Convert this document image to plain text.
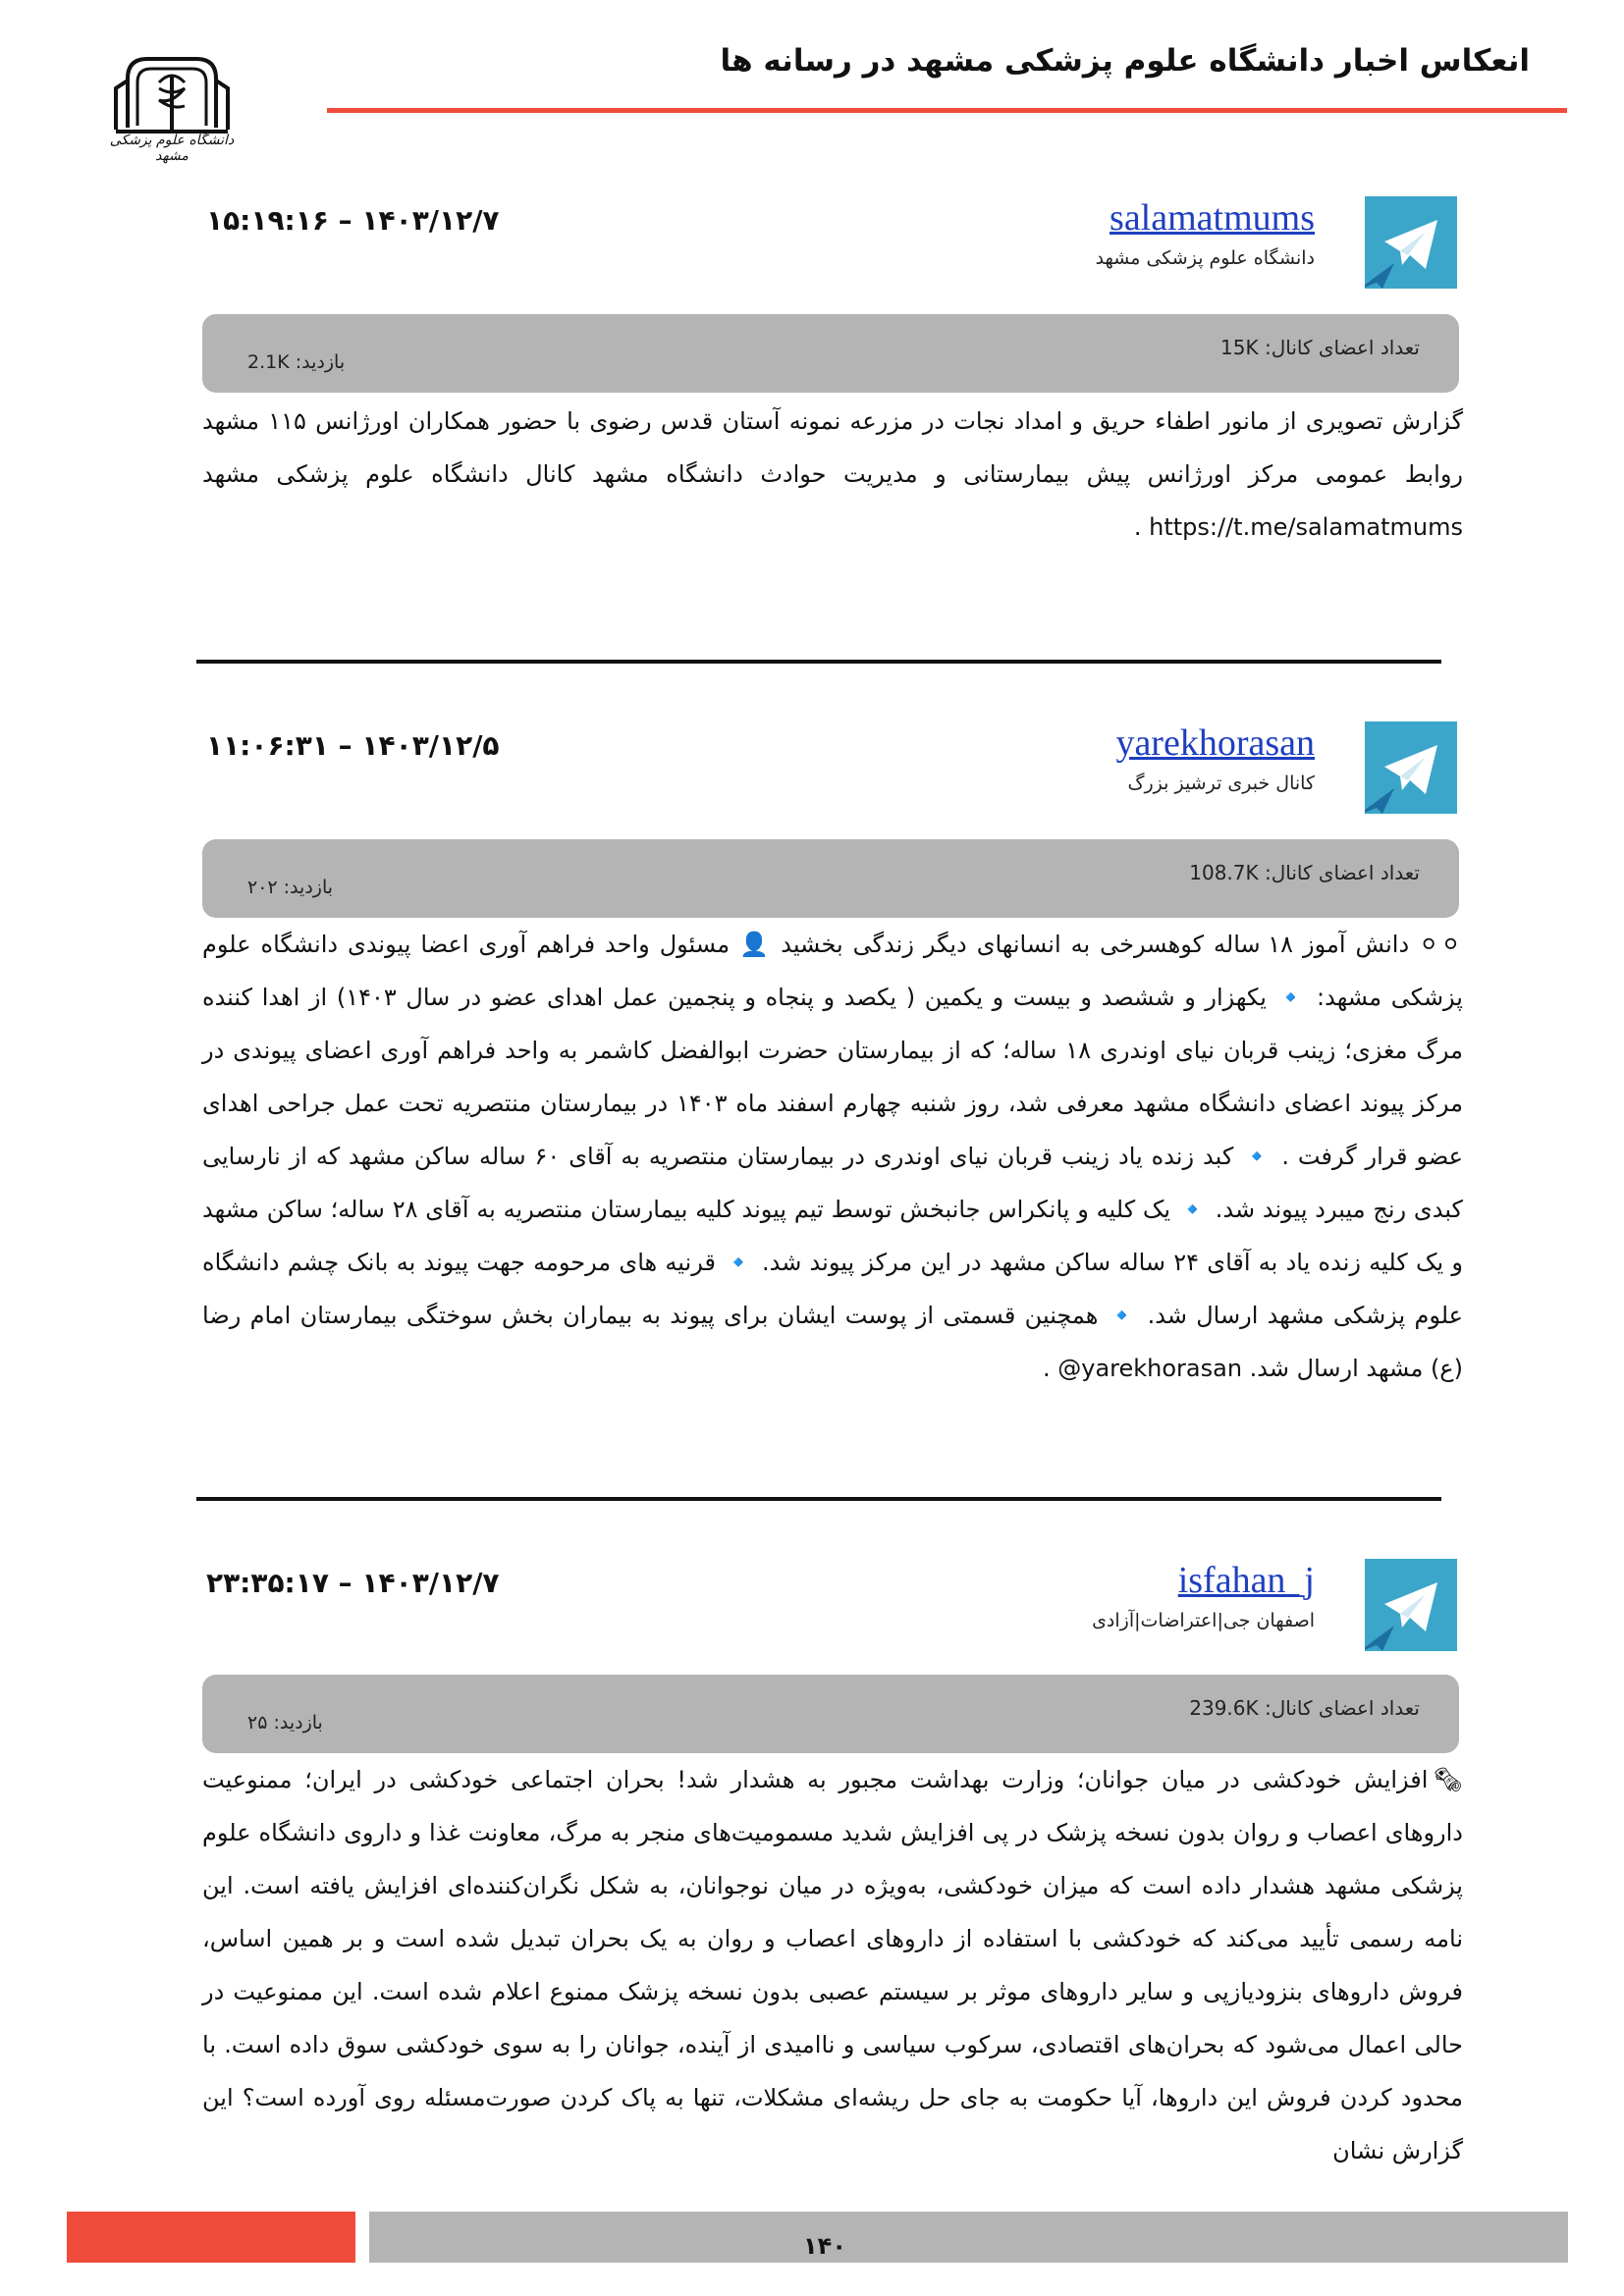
دانشگاه علوم پزشکی مشهد
انعکاس اخبار دانشگاه علوم پزشکی مشهد در رسانه ها
salamatmums
دانشگاه علوم پزشکی مشهد
۱۵:۱۹:۱۶ – ۱۴۰۳/۱۲/۷
تعداد اعضای کانال: 15K
بازدید: 2.1K
گزارش تصویری از مانور اطفاء حریق و امداد نجات در مزرعه نمونه آستان قدس رضوی با حضور همکاران اورژانس ۱۱۵ مشهد روابط عمومی مرکز اورژانس پیش بیمارستانی و مدیریت حوادث دانشگاه مشهد کانال دانشگاه علوم پزشکی مشهد https://t.me/salamatmums .
yarekhorasan
کانال خبری ترشیز بزرگ
۱۱:۰۶:۳۱ – ۱۴۰۳/۱۲/۵
تعداد اعضای کانال: 108.7K
بازدید: ۲۰۲
⚪⚪ دانش آموز ۱۸ ساله کوهسرخی به انسانهای دیگر زندگی بخشید 👤 مسئول واحد فراهم آوری اعضا پیوندی دانشگاه علوم پزشکی مشهد: 🔹 یکهزار و ششصد و بیست و یکمین ( یکصد و پنجاه و پنجمین عمل اهدای عضو در سال ۱۴۰۳) از اهدا کننده مرگ مغزی؛ زینب قربان نیای اوندری ۱۸ ساله؛ که از بیمارستان حضرت ابوالفضل کاشمر به واحد فراهم آوری اعضای پیوندی در مرکز پیوند اعضای دانشگاه مشهد معرفی شد، روز شنبه چهارم اسفند ماه ۱۴۰۳ در بیمارستان منتصریه تحت عمل جراحی اهدای عضو قرار گرفت . 🔹 کبد زنده یاد زینب قربان نیای اوندری در بیمارستان منتصریه به آقای ۶۰ ساله ساکن مشهد که از نارسایی کبدی رنج میبرد پیوند شد. 🔹 یک کلیه و پانکراس جانبخش توسط تیم پیوند کلیه بیمارستان منتصریه به آقای ۲۸ ساله؛ ساکن مشهد و یک کلیه زنده یاد به آقای ۲۴ ساله ساکن مشهد در این مرکز پیوند شد. 🔹 قرنیه های مرحومه جهت پیوند به بانک چشم دانشگاه علوم پزشکی مشهد ارسال شد. 🔹 همچنین قسمتی از پوست ایشان برای پیوند به بیماران بخش سوختگی بیمارستان امام رضا (ع) مشهد ارسال شد. yarekhorasan@ .
isfahan_j
اصفهان جی|اعتراضات|آزادی
۲۳:۳۵:۱۷ – ۱۴۰۳/۱۲/۷
تعداد اعضای کانال: 239.6K
بازدید: ۲۵
🗞افزایش خودکشی در میان جوانان؛ وزارت بهداشت مجبور به هشدار شد! بحران اجتماعی خودکشی در ایران؛ ممنوعیت داروهای اعصاب و روان بدون نسخه پزشک در پی افزایش شدید مسمومیت‌های منجر به مرگ، معاونت غذا و داروی دانشگاه علوم پزشکی مشهد هشدار داده است که میزان خودکشی، به‌ویژه در میان نوجوانان، به شکل نگران‌کننده‌ای افزایش یافته است. این نامه رسمی تأیید می‌کند که خودکشی با استفاده از داروهای اعصاب و روان به یک بحران تبدیل شده است و بر همین اساس، فروش داروهای بنزودیازپی و سایر داروهای موثر بر سیستم عصبی بدون نسخه پزشک ممنوع اعلام شده است. این ممنوعیت در حالی اعمال می‌شود که بحران‌های اقتصادی، سرکوب سیاسی و ناامیدی از آینده، جوانان را به سوی خودکشی سوق داده است. با محدود کردن فروش این داروها، آیا حکومت به جای حل ریشه‌ای مشکلات، تنها به پاک کردن صورت‌مسئله روی آورده است؟ این گزارش نشان
۱۴۰
